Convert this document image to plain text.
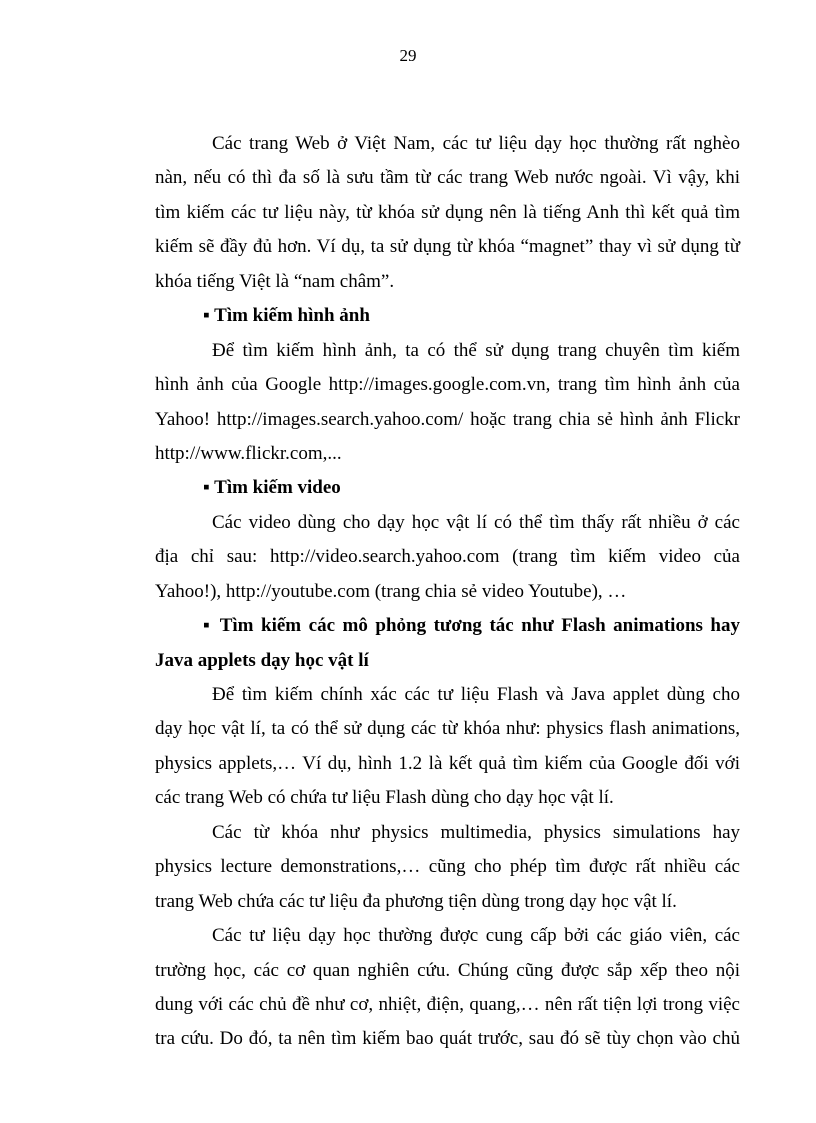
29
Các trang Web ở Việt Nam, các tư liệu dạy học thường rất nghèo
nàn, nếu có thì đa số là sưu tầm từ các trang Web nước ngoài. Vì vậy, khi
tìm kiếm các tư liệu này, từ khóa sử dụng nên là tiếng Anh thì kết quả tìm
kiếm sẽ đầy đủ hơn. Ví dụ, ta sử dụng từ khóa “magnet” thay vì sử dụng từ
khóa tiếng Việt là “nam châm”.
▪ Tìm kiếm hình ảnh
Để tìm kiếm hình ảnh, ta có thể sử dụng trang chuyên tìm kiếm
hình ảnh của Google http://images.google.com.vn, trang tìm hình ảnh của
Yahoo! http://images.search.yahoo.com/ hoặc trang chia sẻ hình ảnh Flickr
http://www.flickr.com,...
▪ Tìm kiếm video
Các video dùng cho dạy học vật lí có thể tìm thấy rất nhiều ở các
địa chỉ sau: http://video.search.yahoo.com (trang tìm kiếm video của
Yahoo!), http://youtube.com (trang chia sẻ video Youtube), …
▪ Tìm kiếm các mô phỏng tương tác như Flash animations hay
Java applets dạy học vật lí
Để tìm kiếm chính xác các tư liệu Flash và Java applet dùng cho
dạy học vật lí, ta có thể sử dụng các từ khóa như: physics flash animations,
physics applets,… Ví dụ, hình 1.2 là kết quả tìm kiếm của Google đối với
các trang Web có chứa tư liệu Flash dùng cho dạy học vật lí.
Các từ khóa như physics multimedia, physics simulations hay
physics lecture demonstrations,… cũng cho phép tìm được rất nhiều các
trang Web chứa các tư liệu đa phương tiện dùng trong dạy học vật lí.
Các tư liệu dạy học thường được cung cấp bởi các giáo viên, các
trường học, các cơ quan nghiên cứu. Chúng cũng được sắp xếp theo nội
dung với các chủ đề như cơ, nhiệt, điện, quang,… nên rất tiện lợi trong việc
tra cứu. Do đó, ta nên tìm kiếm bao quát trước, sau đó sẽ tùy chọn vào chủ
